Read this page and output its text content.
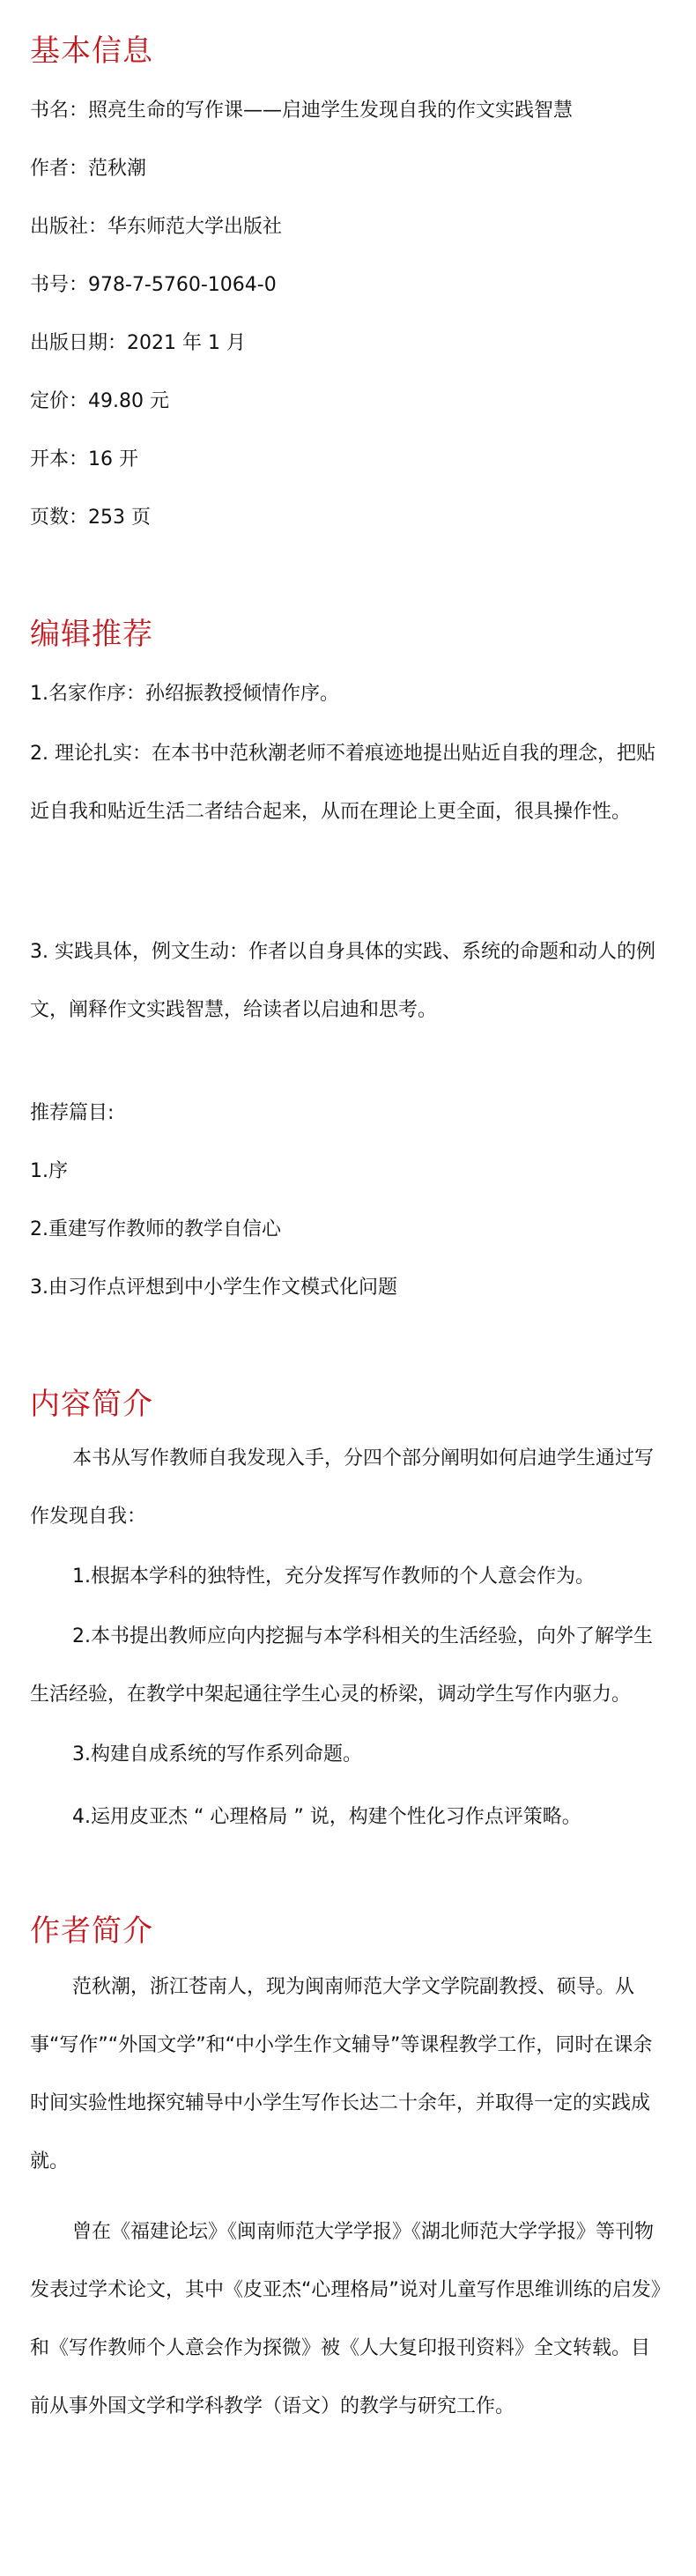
基本信息

书名：照亮生命的写作课——启迪学生发现自我的作文实践智慧

作者：范秋潮

出版社：华东师范大学出版社

书号：978-7-5760-1064-0

出版日期：2021 年 1 月

定价：49.80 元

开本：16 开

页数：253 页

编辑推荐

1.名家作序：孙绍振教授倾情作序。

2. 理论扎实：在本书中范秋潮老师不着痕迹地提出贴近自我的理念，把贴近自我和贴近生活二者结合起来，从而在理论上更全面，很具操作性。

3. 实践具体，例文生动：作者以自身具体的实践、系统的命题和动人的例文，阐释作文实践智慧，给读者以启迪和思考。

推荐篇目:

1.序

2.重建写作教师的教学自信心

3.由习作点评想到中小学生作文模式化问题

内容简介

本书从写作教师自我发现入手，分四个部分阐明如何启迪学生通过写作发现自我：

1.根据本学科的独特性，充分发挥写作教师的个人意会作为。

2.本书提出教师应向内挖掘与本学科相关的生活经验，向外了解学生生活经验，在教学中架起通往学生心灵的桥梁，调动学生写作内驱力。

3.构建自成系统的写作系列命题。

4.运用皮亚杰 “ 心理格局 ” 说，构建个性化习作点评策略。

作者简介

范秋潮，浙江苍南人，现为闽南师范大学文学院副教授、硕导。从事“写作”“外国文学”和“中小学生作文辅导”等课程教学工作，同时在课余时间实验性地探究辅导中小学生写作长达二十余年，并取得一定的实践成就。

曾在《福建论坛》《闽南师范大学学报》《湖北师范大学学报》等刊物发表过学术论文，其中《皮亚杰“心理格局”说对儿童写作思维训练的启发》和《写作教师个人意会作为探微》被《人大复印报刊资料》全文转载。目前从事外国文学和学科教学（语文）的教学与研究工作。
